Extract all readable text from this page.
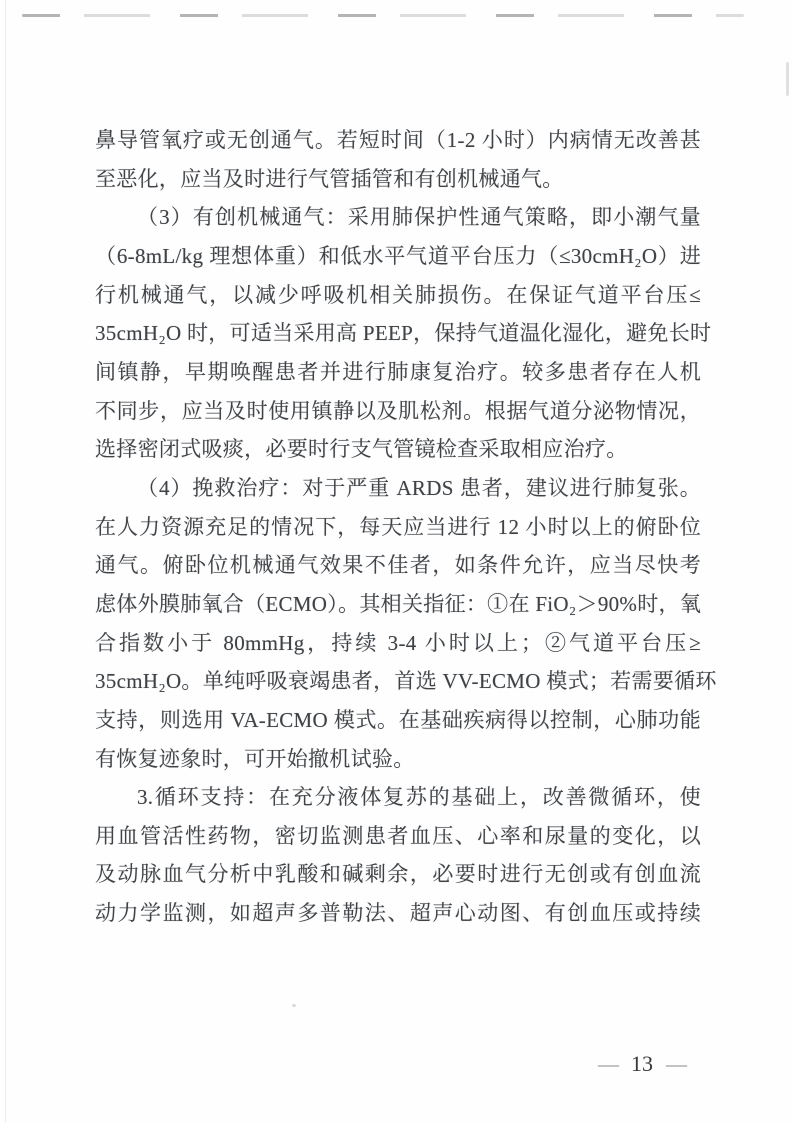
鼻导管氧疗或无创通气。若短时间（1-2 小时）内病情无改善甚

至恶化，应当及时进行气管插管和有创机械通气。

（3）有创机械通气：采用肺保护性通气策略，即小潮气量

（6-8mL/kg 理想体重）和低水平气道平台压力（≤30cmH₂O）进

行机械通气，以减少呼吸机相关肺损伤。在保证气道平台压≤

35cmH₂O 时，可适当采用高 PEEP，保持气道温化湿化，避免长时

间镇静，早期唤醒患者并进行肺康复治疗。较多患者存在人机

不同步，应当及时使用镇静以及肌松剂。根据气道分泌物情况，

选择密闭式吸痰，必要时行支气管镜检查采取相应治疗。

（4）挽救治疗：对于严重 ARDS 患者，建议进行肺复张。

在人力资源充足的情况下，每天应当进行 12 小时以上的俯卧位

通气。俯卧位机械通气效果不佳者，如条件允许，应当尽快考

虑体外膜肺氧合（ECMO）。其相关指征：①在 FiO₂＞90%时，氧

合指数小于 80mmHg，持续 3-4 小时以上；②气道平台压≥

35cmH₂O。单纯呼吸衰竭患者，首选 VV-ECMO 模式；若需要循环

支持，则选用 VA-ECMO 模式。在基础疾病得以控制，心肺功能

有恢复迹象时，可开始撤机试验。

3.循环支持：在充分液体复苏的基础上，改善微循环，使

用血管活性药物，密切监测患者血压、心率和尿量的变化，以

及动脉血气分析中乳酸和碱剩余，必要时进行无创或有创血流

动力学监测，如超声多普勒法、超声心动图、有创血压或持续

— 13 —
